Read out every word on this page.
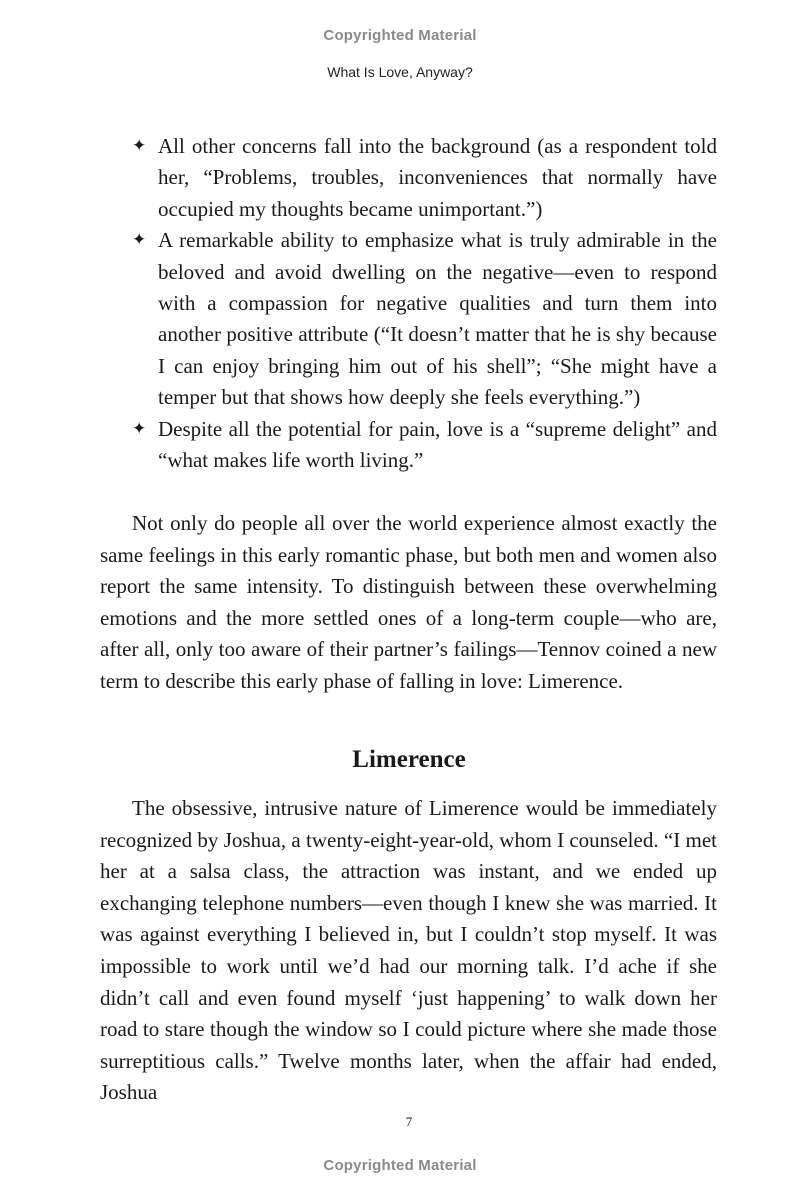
Copyrighted Material
What Is Love, Anyway?
✦ All other concerns fall into the background (as a respondent told her, “Problems, troubles, inconveniences that normally have occupied my thoughts became unimportant.”)
✦ A remarkable ability to emphasize what is truly admirable in the beloved and avoid dwelling on the negative—even to respond with a compassion for negative qualities and turn them into another positive attribute (“It doesn’t matter that he is shy because I can enjoy bringing him out of his shell”; “She might have a temper but that shows how deeply she feels everything.”)
✦ Despite all the potential for pain, love is a “supreme delight” and “what makes life worth living.”

Not only do people all over the world experience almost exactly the same feelings in this early romantic phase, but both men and women also report the same intensity. To distinguish between these overwhelming emotions and the more settled ones of a long-term couple—who are, after all, only too aware of their partner’s failings—Tennov coined a new term to describe this early phase of falling in love: Limerence.

Limerence

The obsessive, intrusive nature of Limerence would be immediately recognized by Joshua, a twenty-eight-year-old, whom I counseled. “I met her at a salsa class, the attraction was instant, and we ended up exchanging telephone numbers—even though I knew she was married. It was against everything I believed in, but I couldn’t stop myself. It was impossible to work until we’d had our morning talk. I’d ache if she didn’t call and even found myself ‘just happening’ to walk down her road to stare though the window so I could picture where she made those surreptitious calls.” Twelve months later, when the affair had ended, Joshua

7
Copyrighted Material
